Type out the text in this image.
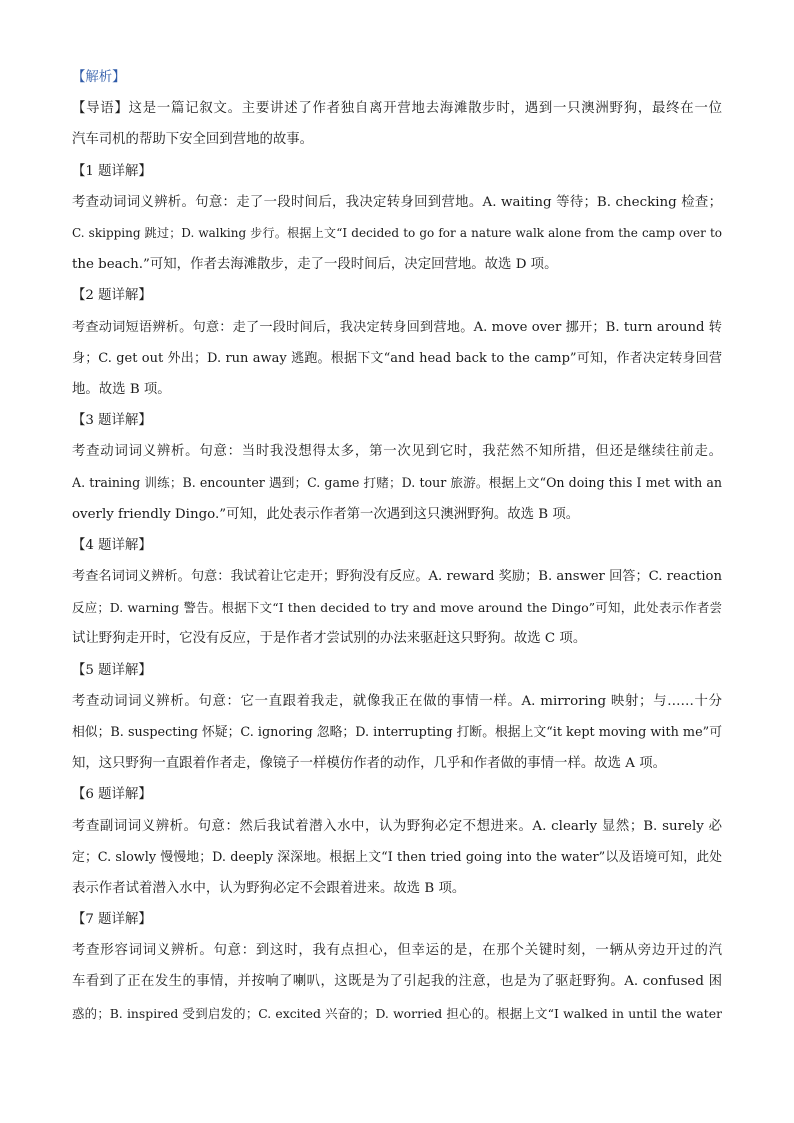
【解析】
【导语】这是一篇记叙文。主要讲述了作者独自离开营地去海滩散步时，遇到一只澳洲野狗，最终在一位
汽车司机的帮助下安全回到营地的故事。
【1 题详解】
考查动词词义辨析。句意：走了一段时间后，我决定转身回到营地。A. waiting 等待；B. checking 检查；
C. skipping 跳过；D. walking 步行。根据上文“I decided to go for a nature walk alone from the camp over to
the beach.”可知，作者去海滩散步，走了一段时间后，决定回营地。故选 D 项。
【2 题详解】
考查动词短语辨析。句意：走了一段时间后，我决定转身回到营地。A. move over 挪开；B. turn around 转
身；C. get out 外出；D. run away 逃跑。根据下文“and head back to the camp”可知，作者决定转身回营
地。故选 B 项。
【3 题详解】
考查动词词义辨析。句意：当时我没想得太多，第一次见到它时，我茫然不知所措，但还是继续往前走。
A. training 训练；B. encounter 遇到；C. game 打赌；D. tour 旅游。根据上文“On doing this I met with an
overly friendly Dingo.”可知，此处表示作者第一次遇到这只澳洲野狗。故选 B 项。
【4 题详解】
考查名词词义辨析。句意：我试着让它走开；野狗没有反应。A. reward 奖励；B. answer 回答；C. reaction
反应；D. warning 警告。根据下文“I then decided to try and move around the Dingo”可知，此处表示作者尝
试让野狗走开时，它没有反应，于是作者才尝试别的办法来驱赶这只野狗。故选 C 项。
【5 题详解】
考查动词词义辨析。句意：它一直跟着我走，就像我正在做的事情一样。A. mirroring 映射；与……十分
相似；B. suspecting 怀疑；C. ignoring 忽略；D. interrupting 打断。根据上文“it kept moving with me”可
知，这只野狗一直跟着作者走，像镜子一样模仿作者的动作，几乎和作者做的事情一样。故选 A 项。
【6 题详解】
考查副词词义辨析。句意：然后我试着潜入水中，认为野狗必定不想进来。A. clearly 显然；B. surely 必
定；C. slowly 慢慢地；D. deeply 深深地。根据上文“I then tried going into the water”以及语境可知，此处
表示作者试着潜入水中，认为野狗必定不会跟着进来。故选 B 项。
【7 题详解】
考查形容词词义辨析。句意：到这时，我有点担心，但幸运的是，在那个关键时刻，一辆从旁边开过的汽
车看到了正在发生的事情，并按响了喇叭，这既是为了引起我的注意，也是为了驱赶野狗。A. confused 困
惑的；B. inspired 受到启发的；C. excited 兴奋的；D. worried 担心的。根据上文“I walked in until the water
